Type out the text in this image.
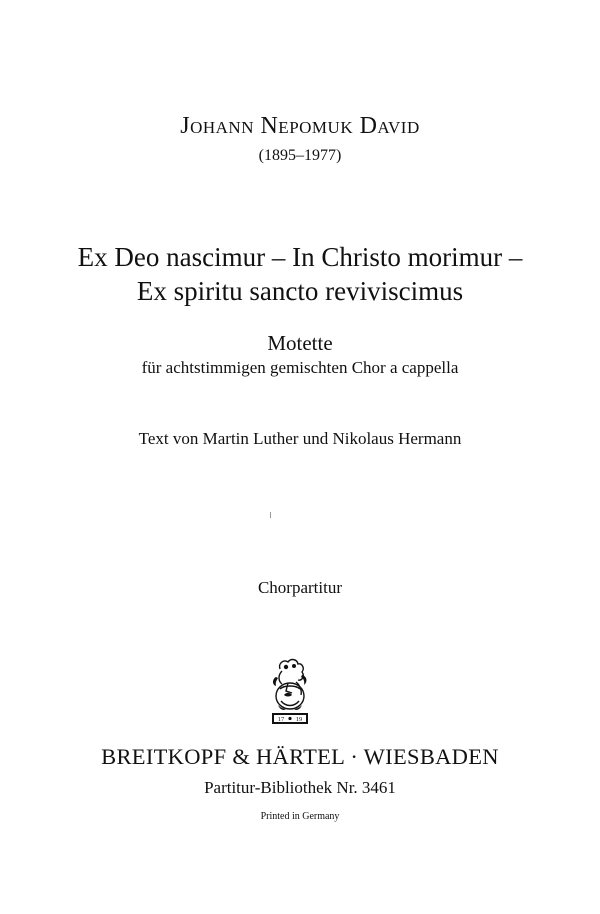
Johann Nepomuk David
(1895–1977)
Ex Deo nascimur – In Christo morimur –
Ex spiritu sancto reviviscimus
Motette
für achtstimmigen gemischten Chor a cappella
Text von Martin Luther und Nikolaus Hermann
Chorpartitur
17 19
BREITKOPF & HÄRTEL · WIESBADEN
Partitur-Bibliothek Nr. 3461
Printed in Germany
